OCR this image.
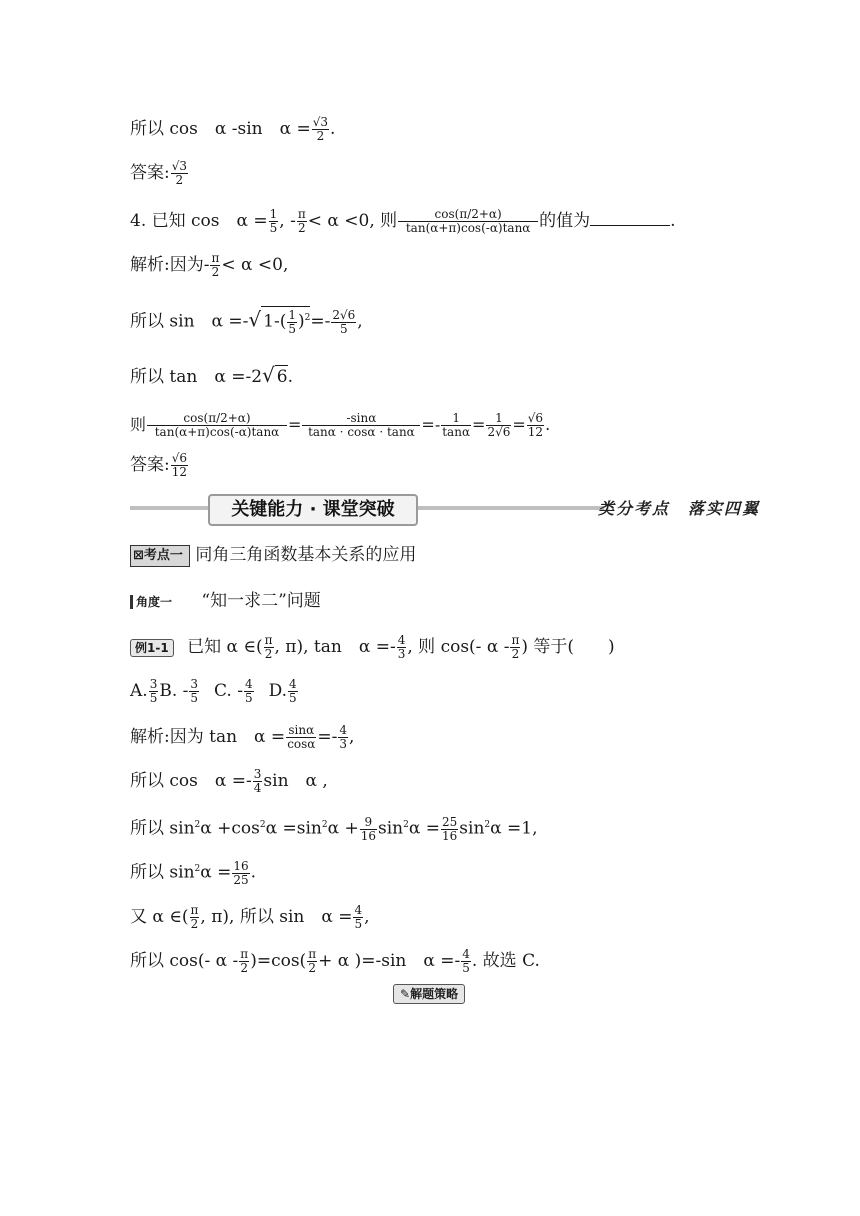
所以 cos　α -sin　$\alpha = \frac{√3}{2}$ .
答案: $\frac{√3}{2}$
4. 已知 cos　$\alpha = \frac{1}{5}$ , - $\frac{\pi}{2} < \alpha <0$, 则 $\frac{\cos(\pi/2+\alpha)}{\tan(\alpha+\pi)\cos(-\alpha)\tan\alpha}$ 的值为	.
解析:因为- $\frac{\pi}{2} < \alpha <0$,
所以 sin　α =-√ $1-( \frac{1}{5} )^2=- \frac{2√6}{5}$ ,
所以 tan　α =-2√ 6.
则 $\frac{\cos(\pi/2+\alpha)}{\tan(\alpha+\pi)\cos(-\alpha)\tan\alpha} = \frac{-\sin\alpha}{\tan\alpha \cdot \cos\alpha \cdot \tan\alpha} =- \frac{1}{\tan\alpha} = \frac{1}{2√6} = \frac{√6}{12}$ .
答案: $\frac{√6}{12}$
关键能力 · 课堂突破	类分考点　落实四翼
⊠考点一 同角三角函数基本关系的应用
角度一 “知一求二”问题
例1-1 已知 α ∈( $\frac{\pi}{2}$ , π), tan　$\alpha =- \frac{4}{3}$ , 则 cos(- α - $\frac{\pi}{2}$ ) 等于(　　)
A. $\frac{3}{5} B$. - $\frac{3}{5} C$. - $\frac{4}{5} D$. $\frac{4}{5}$
解析:因为 tan　$\alpha = \frac{\sin\alpha}{\cos\alpha} =- \frac{4}{3}$ ,
所以 cos　$\alpha =- \frac{3}{4}$ sin　α ,
所以 $\sin^2\alpha +\cos^2\alpha =\sin^2\alpha + \frac{9}{16} \sin^2\alpha = \frac{25}{16} \sin^2\alpha =1$,
所以 $\sin^2\alpha = \frac{16}{25}$ .
又 α ∈( $\frac{\pi}{2}$ , π), 所以 sin　$\alpha = \frac{4}{5}$ ,
所以 cos(- $\alpha - \frac{\pi}{2} )=\cos( \frac{\pi}{2} + \alpha$ )=-sin　$\alpha =- \frac{4}{5}$ . 故选 C.
✎解题策略
